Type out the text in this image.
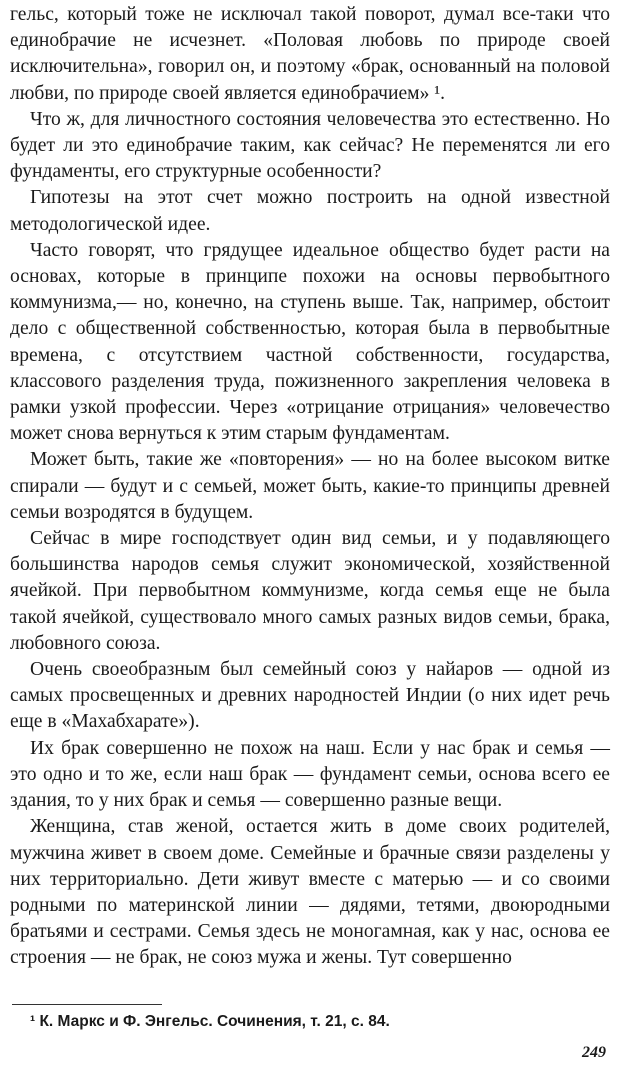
гельс, который тоже не исключал такой поворот, думал все-таки что единобрачие не исчезнет. «Половая любовь по природе своей исключительна», говорил он, и поэтому «брак, основанный на половой любви, по природе своей является единобрачием» ¹.

Что ж, для личностного состояния человечества это естественно. Но будет ли это единобрачие таким, как сейчас? Не переменятся ли его фундаменты, его структурные особенности?

Гипотезы на этот счет можно построить на одной известной методологической идее.

Часто говорят, что грядущее идеальное общество будет расти на основах, которые в принципе похожи на основы первобытного коммунизма,— но, конечно, на ступень выше. Так, например, обстоит дело с общественной собственностью, которая была в первобытные времена, с отсутствием частной собственности, государства, классового разделения труда, пожизненного закрепления человека в рамки узкой профессии. Через «отрицание отрицания» человечество может снова вернуться к этим старым фундаментам.

Может быть, такие же «повторения» — но на более высоком витке спирали — будут и с семьей, может быть, какие-то принципы древней семьи возродятся в будущем.

Сейчас в мире господствует один вид семьи, и у подавляющего большинства народов семья служит экономической, хозяйственной ячейкой. При первобытном коммунизме, когда семья еще не была такой ячейкой, существовало много самых разных видов семьи, брака, любовного союза.

Очень своеобразным был семейный союз у найаров — одной из самых просвещенных и древних народностей Индии (о них идет речь еще в «Махабхарате»).

Их брак совершенно не похож на наш. Если у нас брак и семья — это одно и то же, если наш брак — фундамент семьи, основа всего ее здания, то у них брак и семья — совершенно разные вещи.

Женщина, став женой, остается жить в доме своих родителей, мужчина живет в своем доме. Семейные и брачные связи разделены у них территориально. Дети живут вместе с матерью — и со своими родными по материнской линии — дядями, тетями, двоюродными братьями и сестрами. Семья здесь не моногамная, как у нас, основа ее строения — не брак, не союз мужа и жены. Тут совершенно

¹ К. Маркс и Ф. Энгельс. Сочинения, т. 21, с. 84.
249
